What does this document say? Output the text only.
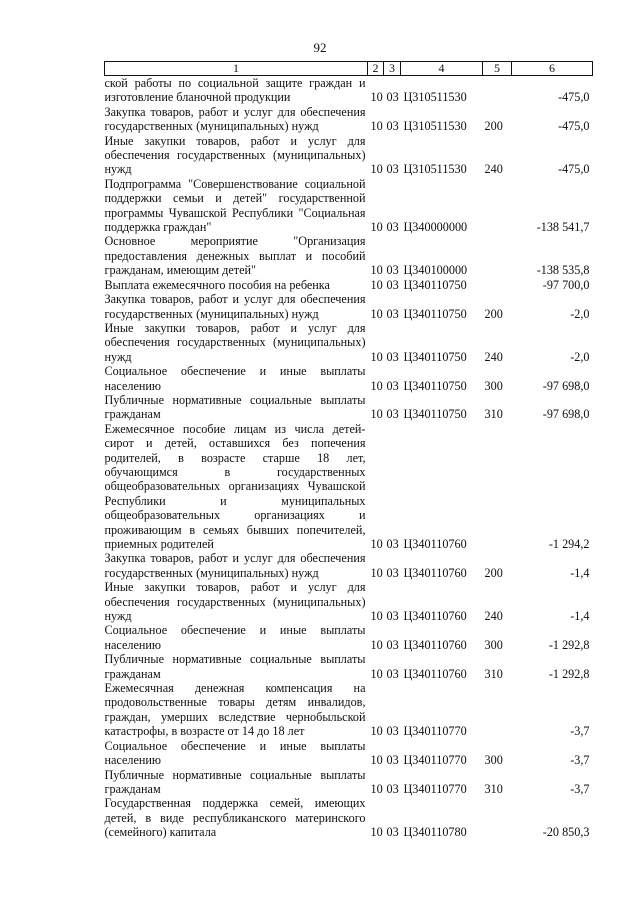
92
1	2	3	4	5	6
ской работы по социальной защите граждан и изготовление бланочной продукции	10	03	Ц310511530		-475,0
Закупка товаров, работ и услуг для обеспечения государственных (муниципальных) нужд	10	03	Ц310511530	200	-475,0
Иные закупки товаров, работ и услуг для обеспечения государственных (муниципальных) нужд	10	03	Ц310511530	240	-475,0
Подпрограмма "Совершенствование социальной поддержки семьи и детей" государственной программы Чувашской Республики "Социальная поддержка граждан"	10	03	Ц340000000		-138 541,7
Основное мероприятие "Организация предоставления денежных выплат и пособий гражданам, имеющим детей"	10	03	Ц340100000		-138 535,8
Выплата ежемесячного пособия на ребенка	10	03	Ц340110750		-97 700,0
Закупка товаров, работ и услуг для обеспечения государственных (муниципальных) нужд	10	03	Ц340110750	200	-2,0
Иные закупки товаров, работ и услуг для обеспечения государственных (муниципальных) нужд	10	03	Ц340110750	240	-2,0
Социальное обеспечение и иные выплаты населению	10	03	Ц340110750	300	-97 698,0
Публичные нормативные социальные выплаты гражданам	10	03	Ц340110750	310	-97 698,0
Ежемесячное пособие лицам из числа детей-сирот и детей, оставшихся без попечения родителей, в возрасте старше 18 лет, обучающимся в государственных общеобразовательных организациях Чувашской Республики и муниципальных общеобразовательных организациях и проживающим в семьях бывших попечителей, приемных родителей	10	03	Ц340110760		-1 294,2
Закупка товаров, работ и услуг для обеспечения государственных (муниципальных) нужд	10	03	Ц340110760	200	-1,4
Иные закупки товаров, работ и услуг для обеспечения государственных (муниципальных) нужд	10	03	Ц340110760	240	-1,4
Социальное обеспечение и иные выплаты населению	10	03	Ц340110760	300	-1 292,8
Публичные нормативные социальные выплаты гражданам	10	03	Ц340110760	310	-1 292,8
Ежемесячная денежная компенсация на продовольственные товары детям инвалидов, граждан, умерших вследствие чернобыльской катастрофы, в возрасте от 14 до 18 лет	10	03	Ц340110770		-3,7
Социальное обеспечение и иные выплаты населению	10	03	Ц340110770	300	-3,7
Публичные нормативные социальные выплаты гражданам	10	03	Ц340110770	310	-3,7
Государственная поддержка семей, имеющих детей, в виде республиканского материнского (семейного) капитала	10	03	Ц340110780		-20 850,3
